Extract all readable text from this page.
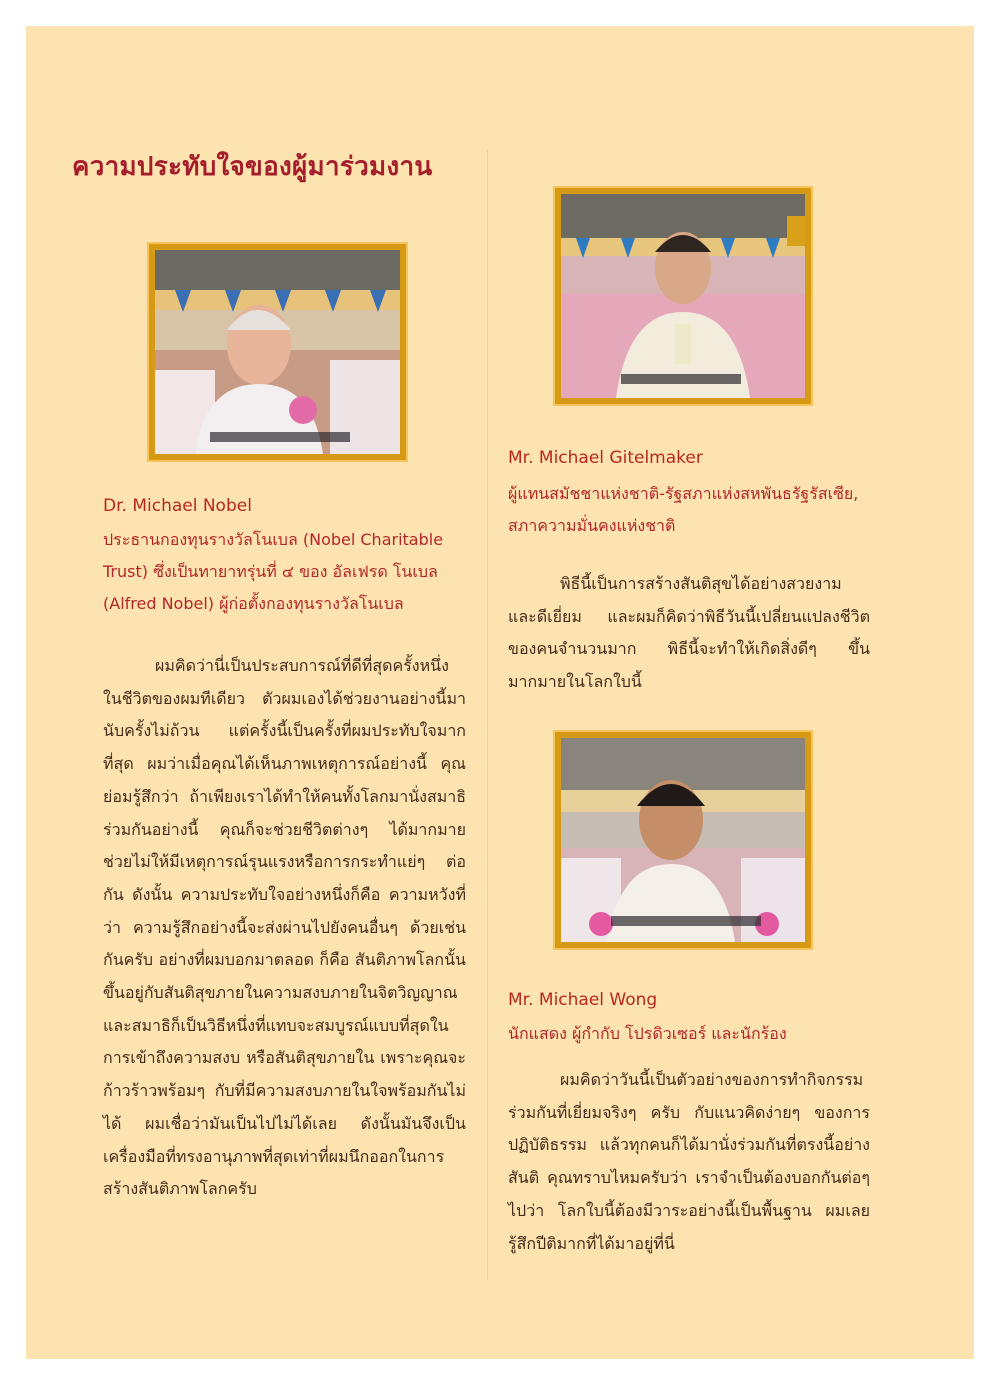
ความประทับใจของผู้มาร่วมงาน
Dr. Michael Nobel
ประธานกองทุนรางวัลโนเบล (Nobel Charitable Trust) ซึ่งเป็นทายาทรุ่นที่ ๔ ของ อัลเฟรด โนเบล (Alfred Nobel) ผู้ก่อตั้งกองทุนรางวัลโนเบล
ผมคิดว่านี่เป็นประสบการณ์ที่ดีที่สุดครั้งหนึ่งในชีวิตของผมทีเดียว ตัวผมเองได้ช่วยงานอย่างนี้มานับครั้งไม่ถ้วน แต่ครั้งนี้เป็นครั้งที่ผมประทับใจมากที่สุด ผมว่าเมื่อคุณได้เห็นภาพเหตุการณ์อย่างนี้ คุณย่อมรู้สึกว่า ถ้าเพียงเราได้ทำให้คนทั้งโลกมานั่งสมาธิร่วมกันอย่างนี้ คุณก็จะช่วยชีวิตต่างๆ ได้มากมาย ช่วยไม่ให้มีเหตุการณ์รุนแรงหรือการกระทำแย่ๆ ต่อกัน ดังนั้น ความประทับใจอย่างหนึ่งก็คือ ความหวังที่ว่า ความรู้สึกอย่างนี้จะส่งผ่านไปยังคนอื่นๆ ด้วยเช่นกันครับ อย่างที่ผมบอกมาตลอด ก็คือ สันติภาพโลกนั้นขึ้นอยู่กับสันติสุขภายในความสงบภายในจิตวิญญาณและสมาธิก็เป็นวิธีหนึ่งที่แทบจะสมบูรณ์แบบที่สุดในการเข้าถึงความสงบ หรือสันติสุขภายใน เพราะคุณจะก้าวร้าวพร้อมๆ กับที่มีความสงบภายในใจพร้อมกันไม่ได้ ผมเชื่อว่ามันเป็นไปไม่ได้เลย ดังนั้นมันจึงเป็นเครื่องมือที่ทรงอานุภาพที่สุดเท่าที่ผมนึกออกในการสร้างสันติภาพโลกครับ
Mr. Michael Gitelmaker
ผู้แทนสมัชชาแห่งชาติ-รัฐสภาแห่งสหพันธรัฐรัสเซีย, สภาความมั่นคงแห่งชาติ
พิธีนี้เป็นการสร้างสันติสุขได้อย่างสวยงามและดีเยี่ยม และผมก็คิดว่าพิธีวันนี้เปลี่ยนแปลงชีวิตของคนจำนวนมาก พิธีนี้จะทำให้เกิดสิ่งดีๆ ขึ้นมากมายในโลกใบนี้
Mr. Michael Wong
นักแสดง ผู้กำกับ โปรดิวเซอร์ และนักร้อง
ผมคิดว่าวันนี้เป็นตัวอย่างของการทำกิจกรรมร่วมกันที่เยี่ยมจริงๆ ครับ กับแนวคิดง่ายๆ ของการปฏิบัติธรรม แล้วทุกคนก็ได้มานั่งร่วมกันที่ตรงนี้อย่างสันติ คุณทราบไหมครับว่า เราจำเป็นต้องบอกกันต่อๆ ไปว่า โลกใบนี้ต้องมีวาระอย่างนี้เป็นพื้นฐาน ผมเลยรู้สึกปีติมากที่ได้มาอยู่ที่นี่
